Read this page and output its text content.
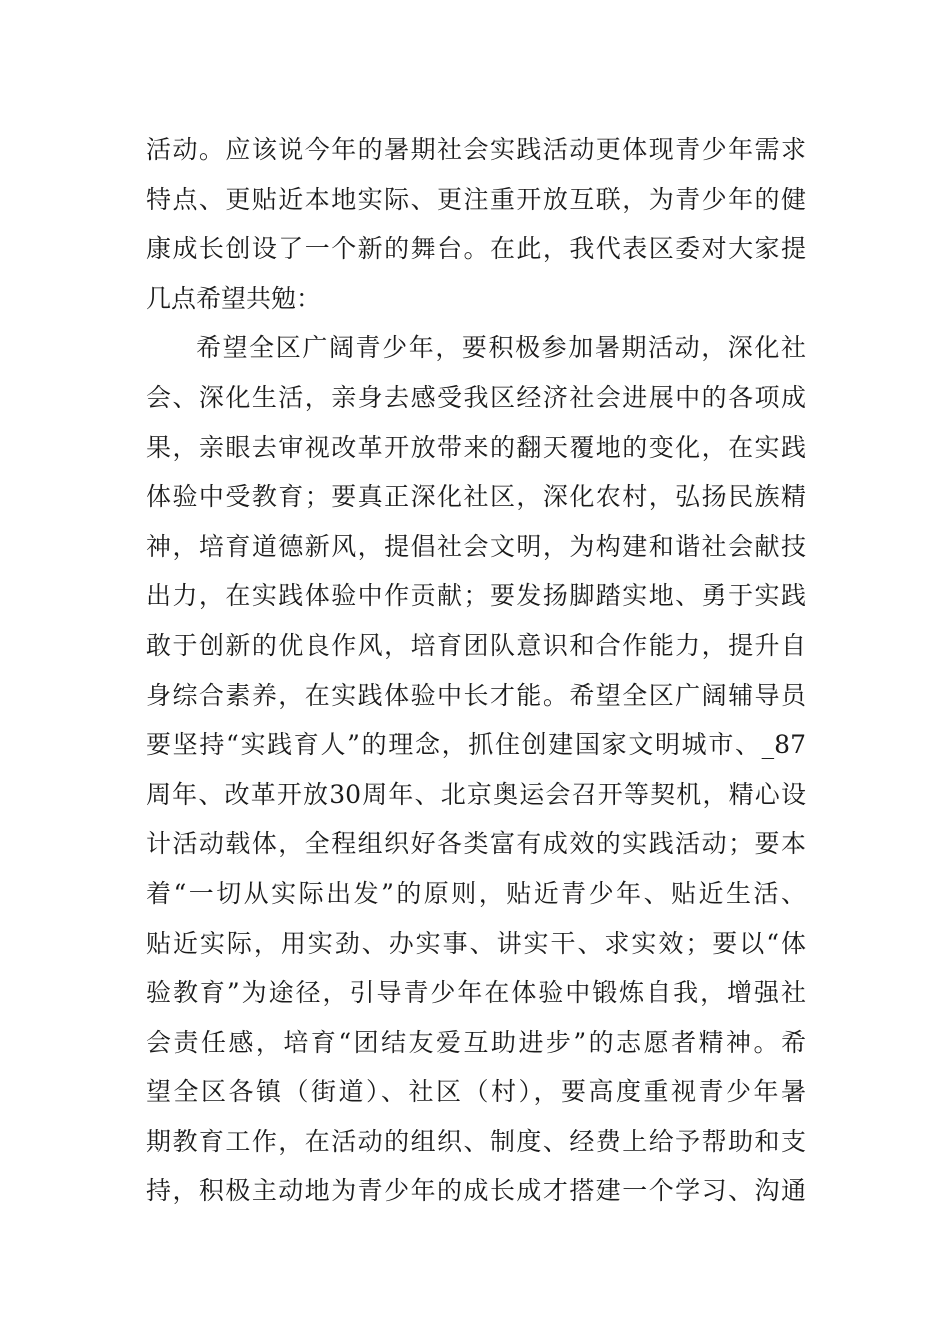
活动。应该说今年的暑期社会实践活动更体现青少年需求
特点、更贴近本地实际、更注重开放互联，为青少年的健
康成长创设了一个新的舞台。在此，我代表区委对大家提
几点希望共勉：
希望全区广阔青少年，要积极参加暑期活动，深化社
会、深化生活，亲身去感受我区经济社会进展中的各项成
果，亲眼去审视改革开放带来的翻天覆地的变化，在实践
体验中受教育；要真正深化社区，深化农村，弘扬民族精
神，培育道德新风，提倡社会文明，为构建和谐社会献技
出力，在实践体验中作贡献；要发扬脚踏实地、勇于实践
敢于创新的优良作风，培育团队意识和合作能力，提升自
身综合素养，在实践体验中长才能。希望全区广阔辅导员
要坚持“实践育人”的理念，抓住创建国家文明城市、_87
周年、改革开放30周年、北京奥运会召开等契机，精心设
计活动载体，全程组织好各类富有成效的实践活动；要本
着“一切从实际出发”的原则，贴近青少年、贴近生活、
贴近实际，用实劲、办实事、讲实干、求实效；要以“体
验教育”为途径，引导青少年在体验中锻炼自我，增强社
会责任感，培育“团结友爱互助进步”的志愿者精神。希
望全区各镇（街道）、社区（村），要高度重视青少年暑
期教育工作，在活动的组织、制度、经费上给予帮助和支
持，积极主动地为青少年的成长成才搭建一个学习、沟通
